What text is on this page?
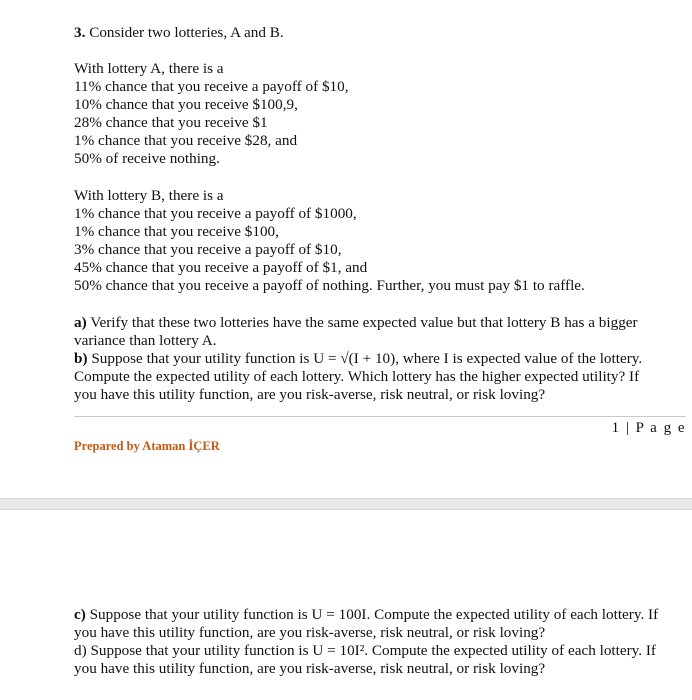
3. Consider two lotteries, A and B.
With lottery A, there is a
11% chance that you receive a payoff of $10,
10% chance that you receive $100,9,
28% chance that you receive $1
1% chance that you receive $28, and
50% of receive nothing.
With lottery B, there is a
1% chance that you receive a payoff of $1000,
1% chance that you receive $100,
3% chance that you receive a payoff of $10,
45% chance that you receive a payoff of $1, and
50% chance that you receive a payoff of nothing. Further, you must pay $1 to raffle.
a) Verify that these two lotteries have the same expected value but that lottery B has a bigger
variance than lottery A.
b) Suppose that your utility function is U = √(I + 10), where I is expected value of the lottery.
Compute the expected utility of each lottery. Which lottery has the higher expected utility? If
you have this utility function, are you risk-averse, risk neutral, or risk loving?
1 | P a g e
Prepared by Ataman İÇER
c) Suppose that your utility function is U = 100I. Compute the expected utility of each lottery. If
you have this utility function, are you risk-averse, risk neutral, or risk loving?
d) Suppose that your utility function is U = 10I². Compute the expected utility of each lottery. If
you have this utility function, are you risk-averse, risk neutral, or risk loving?
